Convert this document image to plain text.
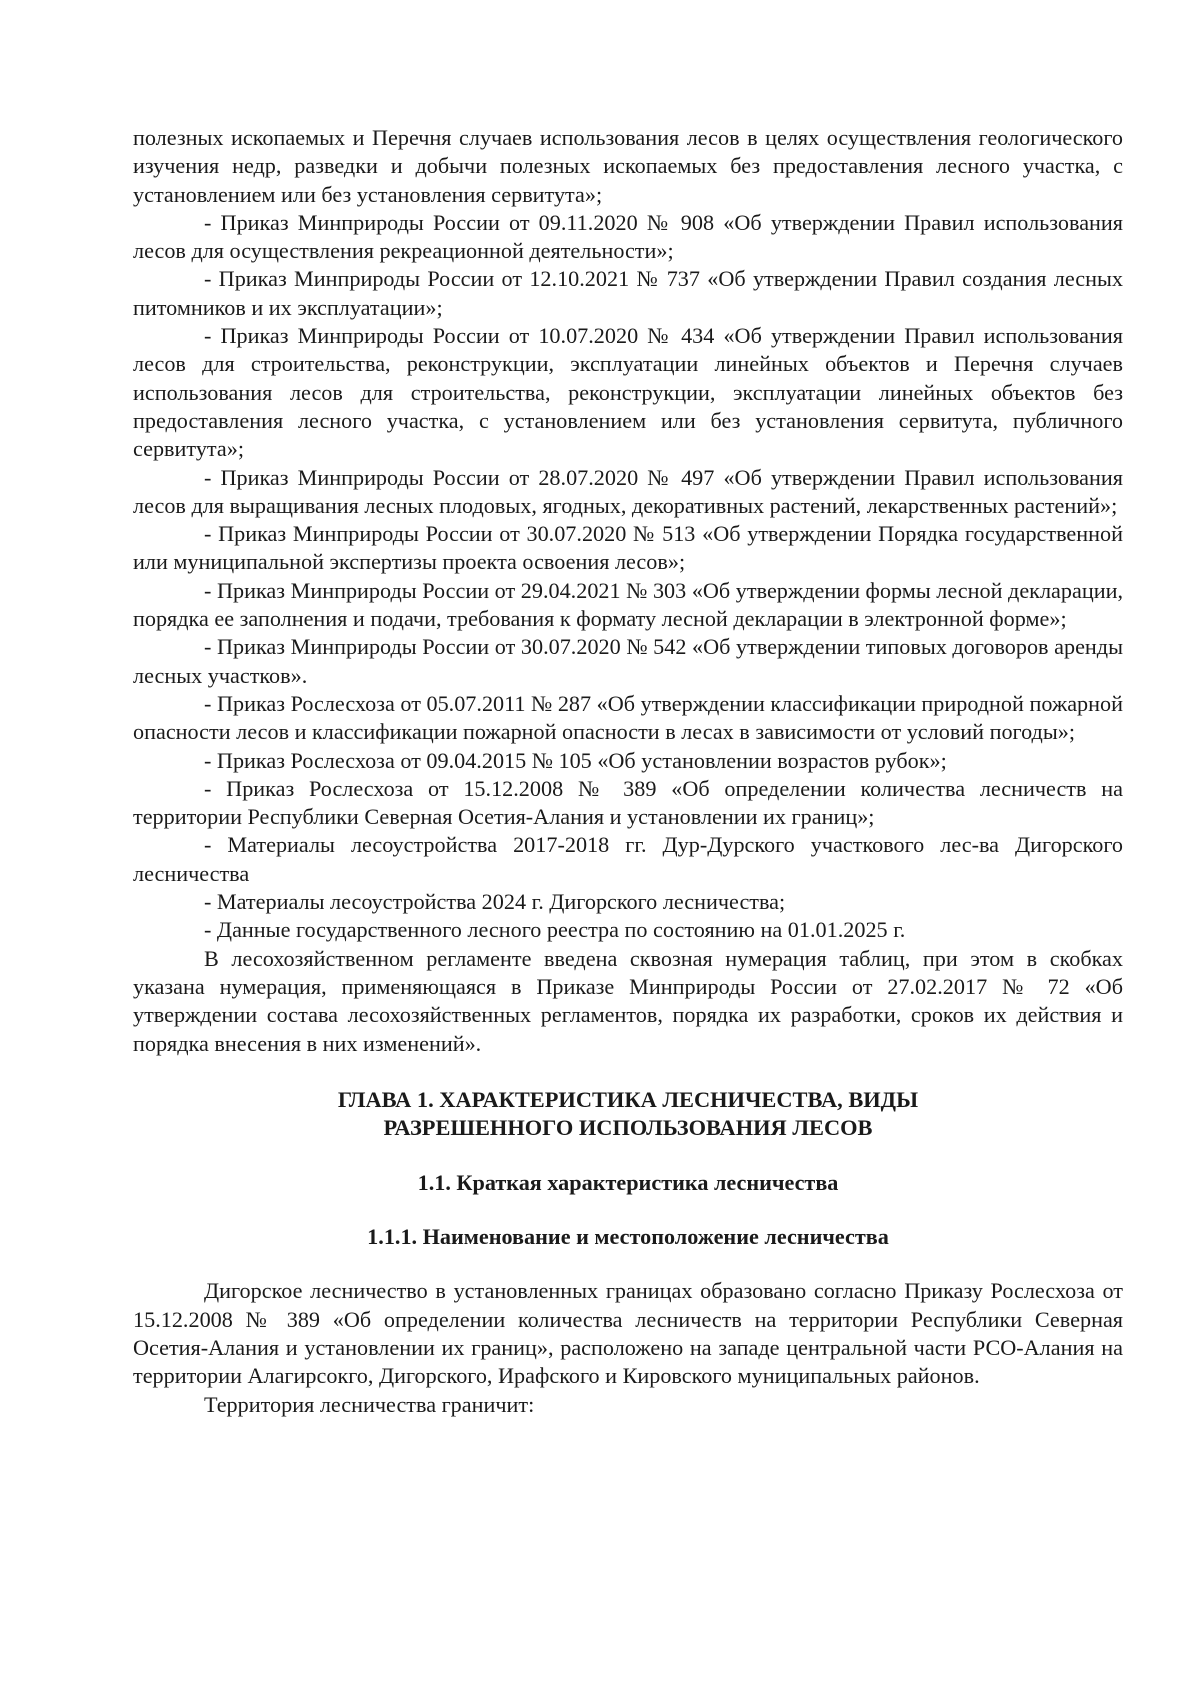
полезных ископаемых и Перечня случаев использования лесов в целях осуществления геологического изучения недр, разведки и добычи полезных ископаемых без предоставления лесного участка, с установлением или без установления сервитута»;

- Приказ Минприроды России от 09.11.2020 № 908 «Об утверждении Правил использования лесов для осуществления рекреационной деятельности»;

- Приказ Минприроды России от 12.10.2021 № 737 «Об утверждении Правил создания лесных питомников и их эксплуатации»;

- Приказ Минприроды России от 10.07.2020 № 434 «Об утверждении Правил использования лесов для строительства, реконструкции, эксплуатации линейных объектов и Перечня случаев использования лесов для строительства, реконструкции, эксплуатации линейных объектов без предоставления лесного участка, с установлением или без установления сервитута, публичного сервитута»;

- Приказ Минприроды России от 28.07.2020 № 497 «Об утверждении Правил использования лесов для выращивания лесных плодовых, ягодных, декоративных растений, лекарственных растений»;

- Приказ Минприроды России от 30.07.2020 № 513 «Об утверждении Порядка государственной или муниципальной экспертизы проекта освоения лесов»;

- Приказ Минприроды России от 29.04.2021 № 303 «Об утверждении формы лесной декларации, порядка ее заполнения и подачи, требования к формату лесной декларации в электронной форме»;

- Приказ Минприроды России от 30.07.2020 № 542 «Об утверждении типовых договоров аренды лесных участков».

- Приказ Рослесхоза от 05.07.2011 № 287 «Об утверждении классификации природной пожарной опасности лесов и классификации пожарной опасности в лесах в зависимости от условий погоды»;

- Приказ Рослесхоза от 09.04.2015 № 105 «Об установлении возрастов рубок»;

- Приказ Рослесхоза от 15.12.2008 № 389 «Об определении количества лесничеств на территории Республики Северная Осетия-Алания и установлении их границ»;

- Материалы лесоустройства 2017-2018 гг. Дур-Дурского участкового лес-ва Дигорского лесничества

- Материалы лесоустройства 2024 г. Дигорского лесничества;

- Данные государственного лесного реестра по состоянию на 01.01.2025 г.

В лесохозяйственном регламенте введена сквозная нумерация таблиц, при этом в скобках указана нумерация, применяющаяся в Приказе Минприроды России от 27.02.2017 № 72 «Об утверждении состава лесохозяйственных регламентов, порядка их разработки, сроков их действия и порядка внесения в них изменений».

ГЛАВА 1. ХАРАКТЕРИСТИКА ЛЕСНИЧЕСТВА, ВИДЫ
РАЗРЕШЕННОГО ИСПОЛЬЗОВАНИЯ ЛЕСОВ
1.1. Краткая характеристика лесничества
1.1.1. Наименование и местоположение лесничества

Дигорское лесничество в установленных границах образовано согласно Приказу Рослесхоза от 15.12.2008 № 389 «Об определении количества лесничеств на территории Республики Северная Осетия-Алания и установлении их границ», расположено на западе центральной части РСО-Алания на территории Алагирсокго, Дигорского, Ирафского и Кировского муниципальных районов.

Территория лесничества граничит:
